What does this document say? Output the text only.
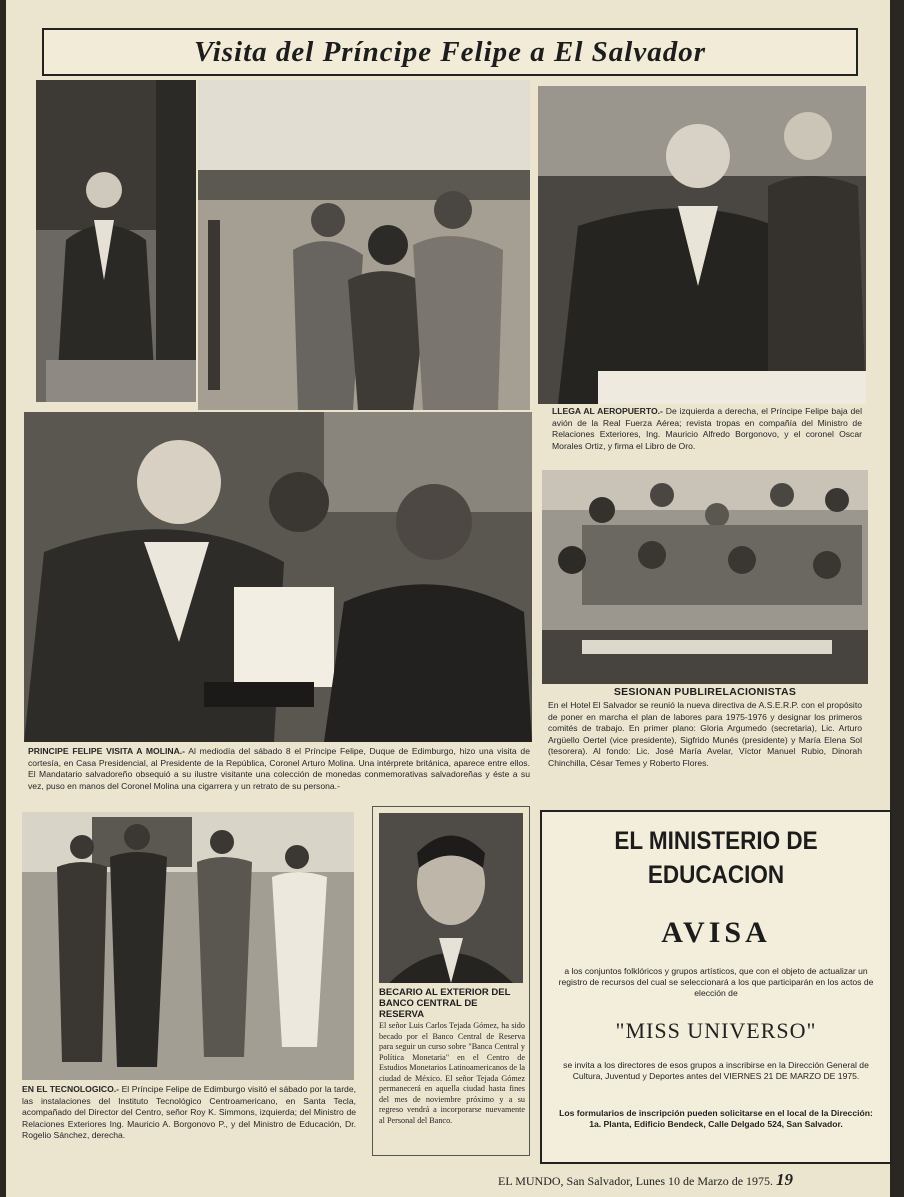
Visita del Príncipe Felipe a El Salvador
LLEGA AL AEROPUERTO.- De izquierda a derecha, el Príncipe Felipe baja del avión de la Real Fuerza Aérea; revista tropas en compañía del Ministro de Relaciones Exteriores, Ing. Mauricio Alfredo Borgonovo, y el coronel Oscar Morales Ortiz, y firma el Libro de Oro.
PRINCIPE FELIPE VISITA A MOLINA.- Al mediodía del sábado 8 el Príncipe Felipe, Duque de Edimburgo, hizo una visita de cortesía, en Casa Presidencial, al Presidente de la República, Coronel Arturo Molina. Una intérprete británica, aparece entre ellos. El Mandatario salvadoreño obsequió a su ilustre visitante una colección de monedas conmemorativas salvadoreñas y éste a su vez, puso en manos del Coronel Molina una cigarrera y un retrato de su persona.-
SESIONAN PUBLIRELACIONISTAS
En el Hotel El Salvador se reunió la nueva directiva de A.S.E.R.P. con el propósito de poner en marcha el plan de labores para 1975-1976 y designar los primeros comités de trabajo. En primer plano: Gloria Argumedo (secretaria), Lic. Arturo Argüello Oertel (vice presidente), Sigfrido Munés (presidente) y María Elena Sol (tesorera). Al fondo: Lic. José María Avelar, Víctor Manuel Rubio, Dinorah Chinchilla, César Temes y Roberto Flores.
EN EL TECNOLOGICO.- El Príncipe Felipe de Edimburgo visitó el sábado por la tarde, las instalaciones del Instituto Tecnológico Centroamericano, en Santa Tecla, acompañado del Director del Centro, señor Roy K. Simmons, izquierda; del Ministro de Relaciones Exteriores Ing. Mauricio A. Borgonovo P., y del Ministro de Educación, Dr. Rogelio Sánchez, derecha.
BECARIO AL EXTERIOR DEL BANCO CENTRAL DE RESERVA
El señor Luis Carlos Tejada Gómez, ha sido becado por el Banco Central de Reserva para seguir un curso sobre "Banca Central y Política Monetaria" en el Centro de Estudios Monetarios Latinoamericanos de la ciudad de México. El señor Tejada Gómez permanecerá en aquella ciudad hasta fines del mes de noviembre próximo y a su regreso vendrá a incorporarse nuevamente al Personal del Banco.
EL MINISTERIO DE
EDUCACION
AVISA
a los conjuntos folklóricos y grupos artísticos, que con el objeto de actualizar un registro de recursos del cual se seleccionará a los que participarán en los actos de elección de
"MISS UNIVERSO"
se invita a los directores de esos grupos a inscribirse en la Dirección General de Cultura, Juventud y Deportes antes del VIERNES 21 DE MARZO DE 1975.
Los formularios de inscripción pueden solicitarse en el local de la Dirección: 1a. Planta, Edificio Bendeck, Calle Delgado 524, San Salvador.
EL MUNDO, San Salvador, Lunes 10 de Marzo de 1975. 19
